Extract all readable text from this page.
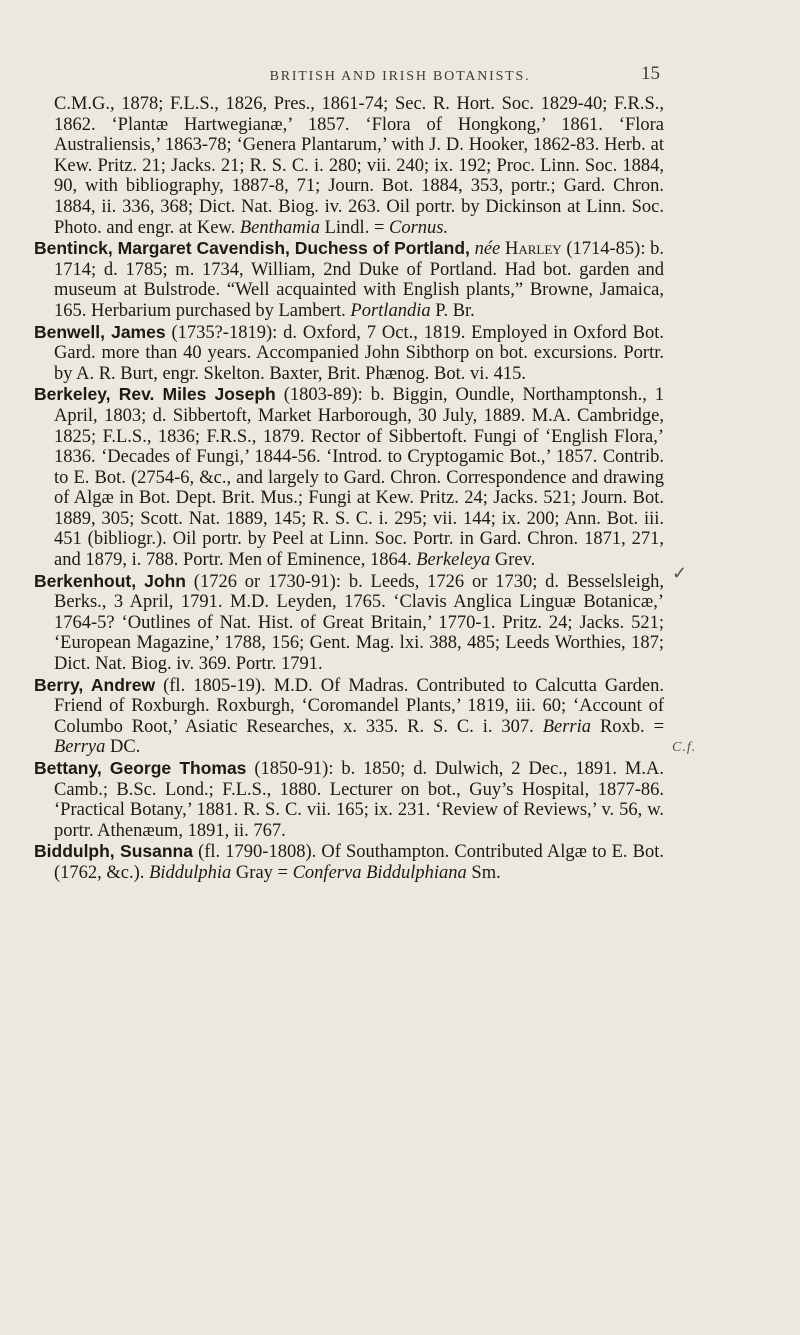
BRITISH AND IRISH BOTANISTS.	15

C.M.G., 1878; F.L.S., 1826, Pres., 1861-74; Sec. R. Hort. Soc. 1829-40; F.R.S., 1862. ‘Plantæ Hartwegianæ,’ 1857. ‘Flora of Hongkong,’ 1861. ‘Flora Australiensis,’ 1863-78; ‘Genera Plantarum,’ with J. D. Hooker, 1862-83. Herb. at Kew. Pritz. 21; Jacks. 21; R. S. C. i. 280; vii. 240; ix. 192; Proc. Linn. Soc. 1884, 90, with bibliography, 1887-8, 71; Journ. Bot. 1884, 353, portr.; Gard. Chron. 1884, ii. 336, 368; Dict. Nat. Biog. iv. 263. Oil portr. by Dickinson at Linn. Soc. Photo. and engr. at Kew. Benthamia Lindl. = Cornus.

Bentinck, Margaret Cavendish, Duchess of Portland, née Harley (1714-85): b. 1714; d. 1785; m. 1734, William, 2nd Duke of Portland. Had bot. garden and museum at Bulstrode. “Well acquainted with English plants,” Browne, Jamaica, 165. Herbarium purchased by Lambert. Portlandia P. Br.

Benwell, James (1735?-1819): d. Oxford, 7 Oct., 1819. Employed in Oxford Bot. Gard. more than 40 years. Accompanied John Sibthorp on bot. excursions. Portr. by A. R. Burt, engr. Skelton. Baxter, Brit. Phænog. Bot. vi. 415.

Berkeley, Rev. Miles Joseph (1803-89): b. Biggin, Oundle, Northamptonsh., 1 April, 1803; d. Sibbertoft, Market Harborough, 30 July, 1889. M.A. Cambridge, 1825; F.L.S., 1836; F.R.S., 1879. Rector of Sibbertoft. Fungi of ‘English Flora,’ 1836. ‘Decades of Fungi,’ 1844-56. ‘Introd. to Cryptogamic Bot.,’ 1857. Contrib. to E. Bot. (2754-6, &c., and largely to Gard. Chron. Correspondence and drawing of Algæ in Bot. Dept. Brit. Mus.; Fungi at Kew. Pritz. 24; Jacks. 521; Journ. Bot. 1889, 305; Scott. Nat. 1889, 145; R. S. C. i. 295; vii. 144; ix. 200; Ann. Bot. iii. 451 (bibliogr.). Oil portr. by Peel at Linn. Soc. Portr. in Gard. Chron. 1871, 271, and 1879, i. 788. Portr. Men of Eminence, 1864. Berkeleya Grev.

Berkenhout, John (1726 or 1730-91): b. Leeds, 1726 or 1730; d. Besselsleigh, Berks., 3 April, 1791. M.D. Leyden, 1765. ‘Clavis Anglica Linguæ Botanicæ,’ 1764-5? ‘Outlines of Nat. Hist. of Great Britain,’ 1770-1. Pritz. 24; Jacks. 521; ‘European Magazine,’ 1788, 156; Gent. Mag. lxi. 388, 485; Leeds Worthies, 187; Dict. Nat. Biog. iv. 369. Portr. 1791.

Berry, Andrew (fl. 1805-19). M.D. Of Madras. Contributed to Calcutta Garden. Friend of Roxburgh. Roxburgh, ‘Coromandel Plants,’ 1819, iii. 60; ‘Account of Columbo Root,’ Asiatic Researches, x. 335. R. S. C. i. 307. Berria Roxb. = Berrya DC.

Bettany, George Thomas (1850-91): b. 1850; d. Dulwich, 2 Dec., 1891. M.A. Camb.; B.Sc. Lond.; F.L.S., 1880. Lecturer on bot., Guy’s Hospital, 1877-86. ‘Practical Botany,’ 1881. R. S. C. vii. 165; ix. 231. ‘Review of Reviews,’ v. 56, w. portr. Athenæum, 1891, ii. 767.

Biddulph, Susanna (fl. 1790-1808). Of Southampton. Contributed Algæ to E. Bot. (1762, &c.). Biddulphia Gray = Conferva Biddulphiana Sm.

✓
C.f.
